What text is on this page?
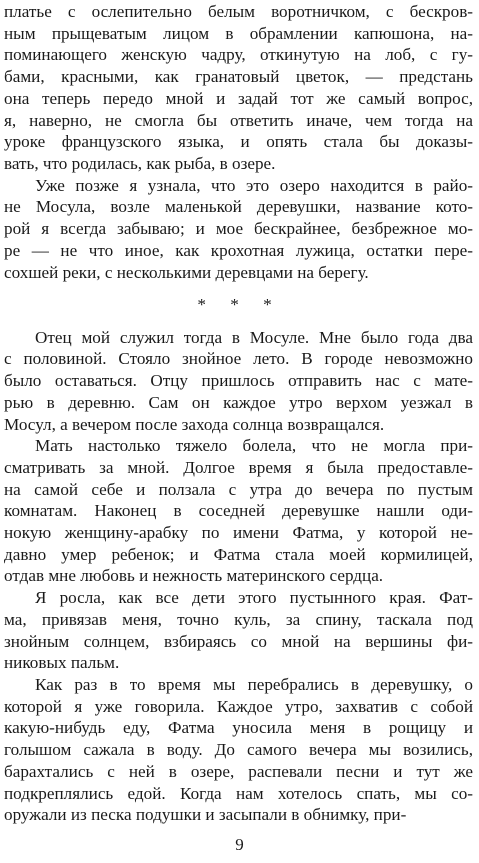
* * *
9
платье с ослепительно белым воротничком, с бескров-
ным прыщеватым лицом в обрамлении капюшона, на-
поминающего женскую чадру, откинутую на лоб, с гу-
бами, красными, как гранатовый цветок, — предстань
она теперь передо мной и задай тот же самый вопрос,
я, наверно, не смогла бы ответить иначе, чем тогда на
уроке французского языка, и опять стала бы доказы-
вать, что родилась, как рыба, в озере.
Уже позже я узнала, что это озеро находится в райо-
не Мосула, возле маленькой деревушки, название кото-
рой я всегда забываю; и мое бескрайнее, безбрежное мо-
ре — не что иное, как крохотная лужица, остатки пере-
сохшей реки, с несколькими деревцами на берегу.
Отец мой служил тогда в Мосуле. Мне было года два
с половиной. Стояло знойное лето. В городе невозможно
было оставаться. Отцу пришлось отправить нас с мате-
рью в деревню. Сам он каждое утро верхом уезжал в
Мосул, а вечером после захода солнца возвращался.
Мать настолько тяжело болела, что не могла при-
сматривать за мной. Долгое время я была предоставле-
на самой себе и ползала с утра до вечера по пустым
комнатам. Наконец в соседней деревушке нашли оди-
нокую женщину-арабку по имени Фатма, у которой не-
давно умер ребенок; и Фатма стала моей кормилицей,
отдав мне любовь и нежность материнского сердца.
Я росла, как все дети этого пустынного края. Фат-
ма, привязав меня, точно куль, за спину, таскала под
знойным солнцем, взбираясь со мной на вершины фи-
никовых пальм.
Как раз в то время мы перебрались в деревушку, о
которой я уже говорила. Каждое утро, захватив с собой
какую-нибудь еду, Фатма уносила меня в рощицу и
голышом сажала в воду. До самого вечера мы возились,
барахтались с ней в озере, распевали песни и тут же
подкреплялись едой. Когда нам хотелось спать, мы со-
оружали из песка подушки и засыпали в обнимку, при-
